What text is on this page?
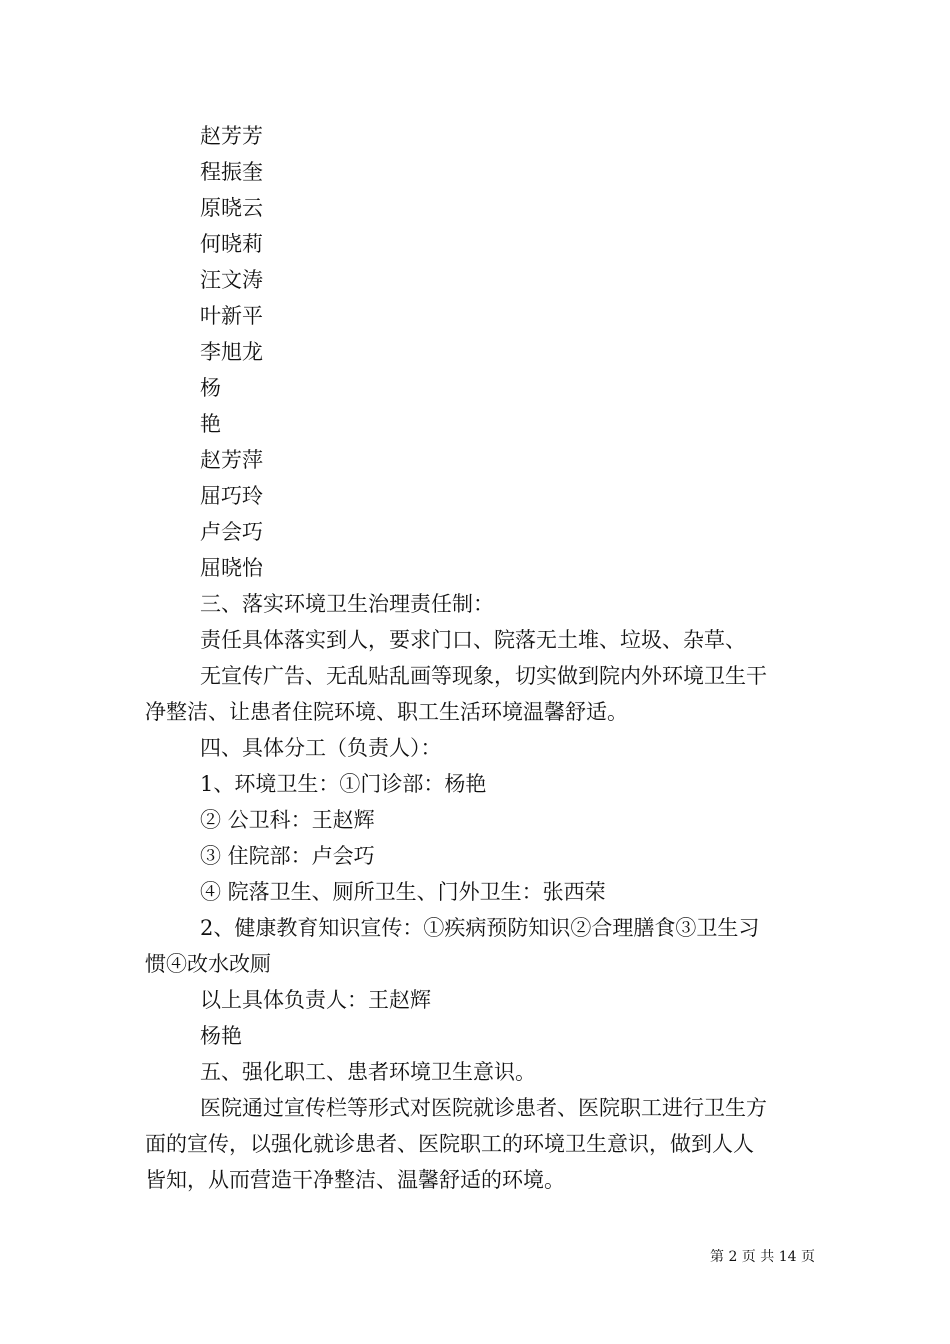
赵芳芳
程振奎
原晓云
何晓莉
汪文涛
叶新平
李旭龙
杨
艳
赵芳萍
屈巧玲
卢会巧
屈晓怡
三、落实环境卫生治理责任制：
责任具体落实到人，要求门口、院落无土堆、垃圾、杂草、
无宣传广告、无乱贴乱画等现象，切实做到院内外环境卫生干
净整洁、让患者住院环境、职工生活环境温馨舒适。
四、具体分工（负责人）：
1、环境卫生：①门诊部：杨艳
② 公卫科：王赵辉
③ 住院部：卢会巧
④ 院落卫生、厕所卫生、门外卫生：张西荣
2、健康教育知识宣传：①疾病预防知识②合理膳食③卫生习
惯④改水改厕
以上具体负责人：王赵辉
杨艳
五、强化职工、患者环境卫生意识。
医院通过宣传栏等形式对医院就诊患者、医院职工进行卫生方
面的宣传，以强化就诊患者、医院职工的环境卫生意识，做到人人
皆知，从而营造干净整洁、温馨舒适的环境。
第 2 页 共 14 页
